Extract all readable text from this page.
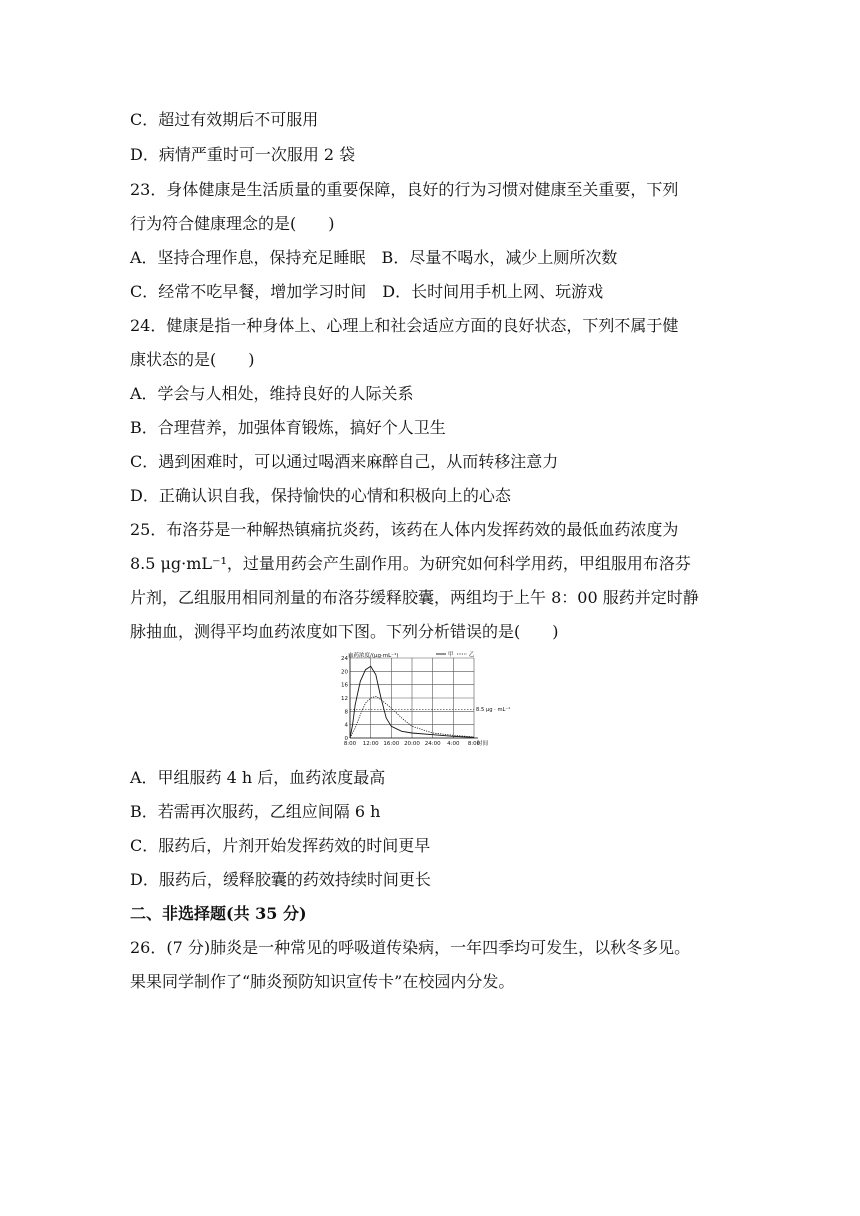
C．超过有效期后不可服用
D．病情严重时可一次服用 2 袋
23．身体健康是生活质量的重要保障，良好的行为习惯对健康至关重要，下列
行为符合健康理念的是(　　)
A．坚持合理作息，保持充足睡眠　B．尽量不喝水，减少上厕所次数
C．经常不吃早餐，增加学习时间　D．长时间用手机上网、玩游戏
24．健康是指一种身体上、心理上和社会适应方面的良好状态，下列不属于健
康状态的是(　　)
A．学会与人相处，维持良好的人际关系
B．合理营养，加强体育锻炼，搞好个人卫生
C．遇到困难时，可以通过喝酒来麻醉自己，从而转移注意力
D．正确认识自我，保持愉快的心情和积极向上的心态
25．布洛芬是一种解热镇痛抗炎药，该药在人体内发挥药效的最低血药浓度为
8.5 μg·mL⁻¹，过量用药会产生副作用。为研究如何科学用药，甲组服用布洛芬
片剂，乙组服用相同剂量的布洛芬缓释胶囊，两组均于上午 8：00 服药并定时静
脉抽血，测得平均血药浓度如下图。下列分析错误的是(　　)
A．甲组服药 4 h 后，血药浓度最高
B．若需再次服药，乙组应间隔 6 h
C．服药后，片剂开始发挥药效的时间更早
D．服药后，缓释胶囊的药效持续时间更长
二、非选择题(共 35 分)
26．(7 分)肺炎是一种常见的呼吸道传染病，一年四季均可发生，以秋冬多见。
果果同学制作了“肺炎预防知识宣传卡”在校园内分发。
8.5 μg · mL⁻¹
0
4
8
12
16
20
24
8:00 12:00 16:00 20:00 24:00 4:00 8:00
时间
血药浓度/(μg·mL⁻¹)	甲	乙
